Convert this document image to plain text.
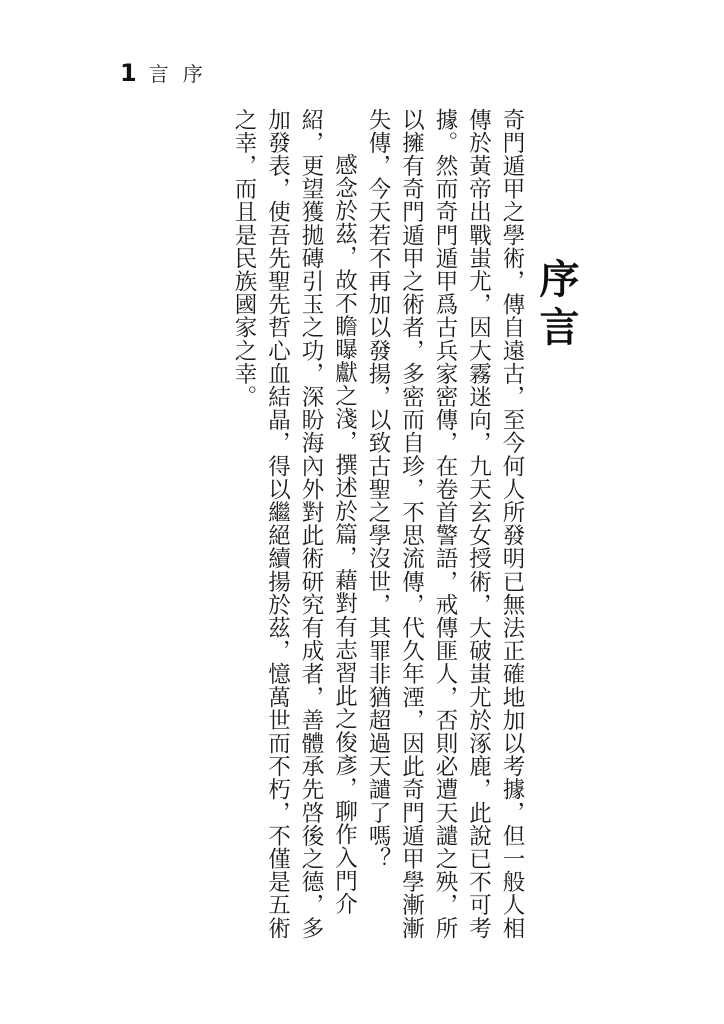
1 言序
序言

奇門遁甲之學術，傳自遠古，至今何人所發明已無法正確地加以考據，但一般人相傳於黃帝出戰蚩尤，因大霧迷向，九天玄女授術，大破蚩尤於涿鹿，此說已不可考據。然而奇門遁甲爲古兵家密傳，在卷首警語，戒傳匪人，否則必遭天譴之殃，所以擁有奇門遁甲之術者，多密而自珍，不思流傳，代久年湮，因此奇門遁甲學漸漸失傳，今天若不再加以發揚，以致古聖之學沒世，其罪非猶超過天譴了嗎？

感念於茲，故不瞻曝獻之淺，撰述於篇，藉對有志習此之俊彥，聊作入門介紹，更望獲拋磚引玉之功，深盼海內外對此術研究有成者，善體承先啓後之德，多加發表，使吾先聖先哲心血結晶，得以繼絕續揚於茲，憶萬世而不朽，不僅是五術之幸，而且是民族國家之幸。
